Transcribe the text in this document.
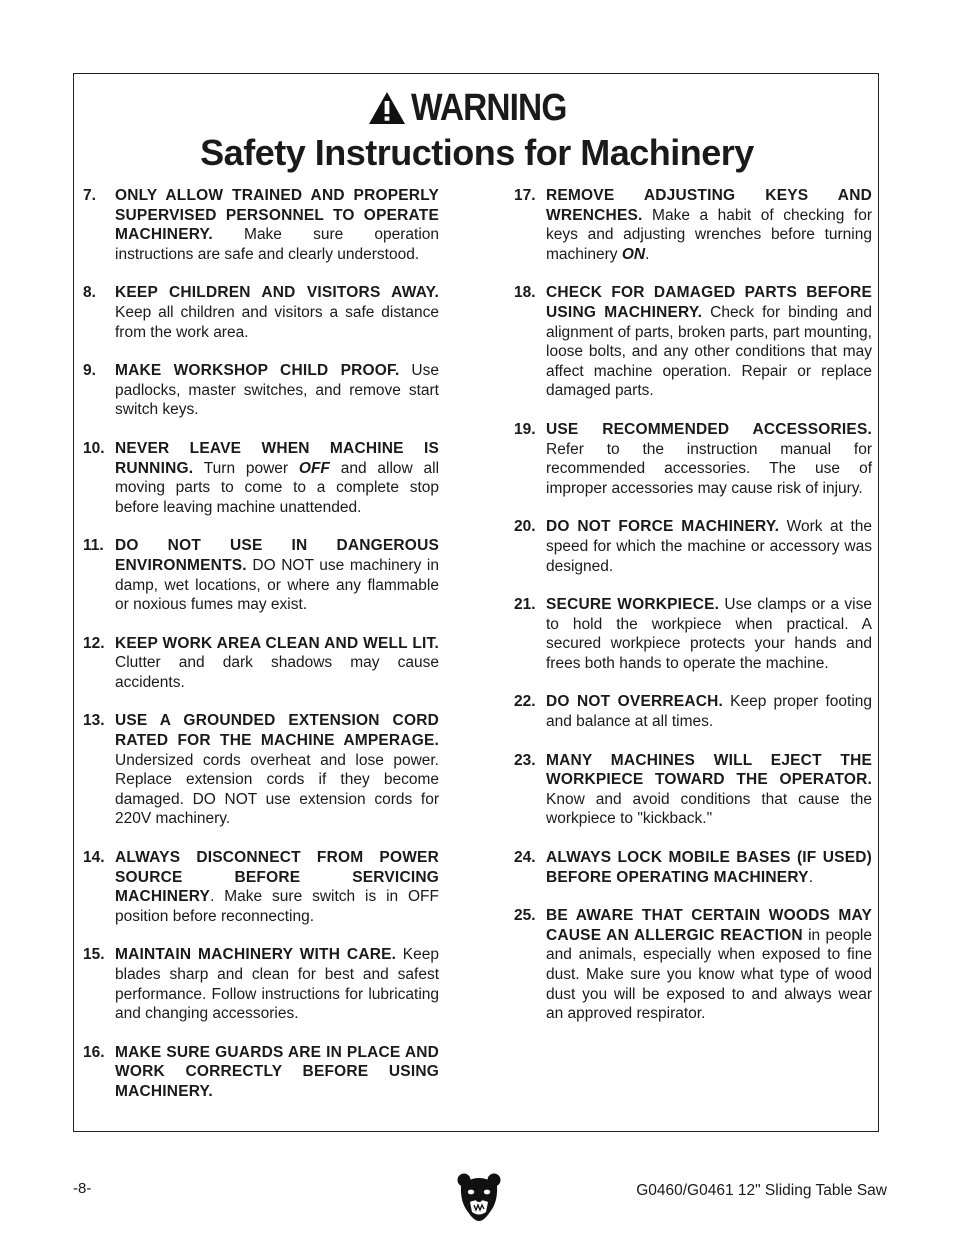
WARNING
Safety Instructions for Machinery
7. ONLY ALLOW TRAINED AND PROPERLY SUPERVISED PERSONNEL TO OPERATE MACHINERY. Make sure operation instructions are safe and clearly understood.
8. KEEP CHILDREN AND VISITORS AWAY. Keep all children and visitors a safe distance from the work area.
9. MAKE WORKSHOP CHILD PROOF. Use padlocks, master switches, and remove start switch keys.
10. NEVER LEAVE WHEN MACHINE IS RUNNING. Turn power OFF and allow all moving parts to come to a complete stop before leaving machine unattended.
11. DO NOT USE IN DANGEROUS ENVIRONMENTS. DO NOT use machinery in damp, wet locations, or where any flammable or noxious fumes may exist.
12. KEEP WORK AREA CLEAN AND WELL LIT. Clutter and dark shadows may cause accidents.
13. USE A GROUNDED EXTENSION CORD RATED FOR THE MACHINE AMPERAGE. Undersized cords overheat and lose power. Replace extension cords if they become damaged. DO NOT use extension cords for 220V machinery.
14. ALWAYS DISCONNECT FROM POWER SOURCE BEFORE SERVICING MACHINERY. Make sure switch is in OFF position before reconnecting.
15. MAINTAIN MACHINERY WITH CARE. Keep blades sharp and clean for best and safest performance. Follow instructions for lubricating and changing accessories.
16. MAKE SURE GUARDS ARE IN PLACE AND WORK CORRECTLY BEFORE USING MACHINERY.
17. REMOVE ADJUSTING KEYS AND WRENCHES. Make a habit of checking for keys and adjusting wrenches before turning machinery ON.
18. CHECK FOR DAMAGED PARTS BEFORE USING MACHINERY. Check for binding and alignment of parts, broken parts, part mounting, loose bolts, and any other conditions that may affect machine operation. Repair or replace damaged parts.
19. USE RECOMMENDED ACCESSORIES. Refer to the instruction manual for recommended accessories. The use of improper accessories may cause risk of injury.
20. DO NOT FORCE MACHINERY. Work at the speed for which the machine or accessory was designed.
21. SECURE WORKPIECE. Use clamps or a vise to hold the workpiece when practical. A secured workpiece protects your hands and frees both hands to operate the machine.
22. DO NOT OVERREACH. Keep proper footing and balance at all times.
23. MANY MACHINES WILL EJECT THE WORKPIECE TOWARD THE OPERATOR. Know and avoid conditions that cause the workpiece to "kickback."
24. ALWAYS LOCK MOBILE BASES (IF USED) BEFORE OPERATING MACHINERY.
25. BE AWARE THAT CERTAIN WOODS MAY CAUSE AN ALLERGIC REACTION in people and animals, especially when exposed to fine dust. Make sure you know what type of wood dust you will be exposed to and always wear an approved respirator.
-8-	G0460/G0461 12" Sliding Table Saw
